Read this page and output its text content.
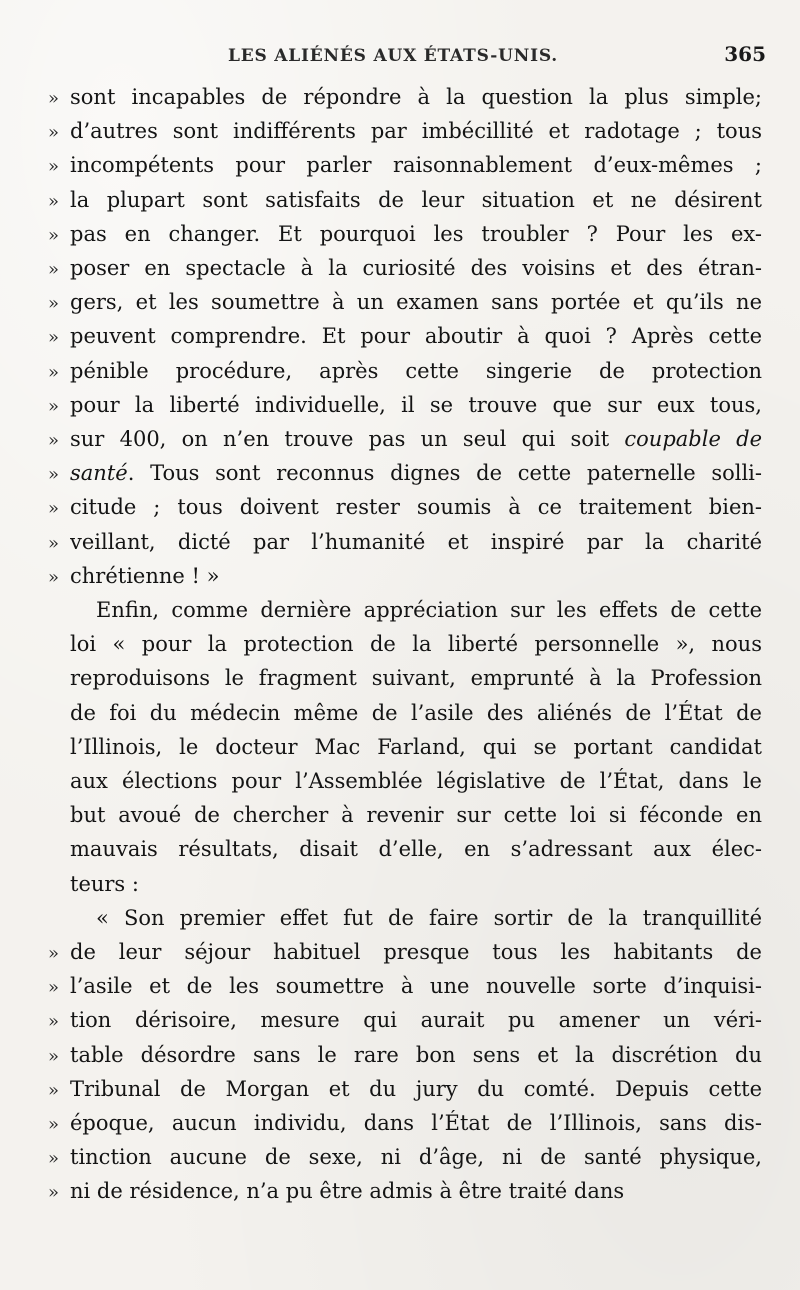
LES ALIÉNÉS AUX ÉTATS-UNIS.	365
» sont incapables de répondre à la question la plus simple;
» d’autres sont indifférents par imbécillité et radotage ; tous
» incompétents pour parler raisonnablement d’eux-mêmes ;
» la plupart sont satisfaits de leur situation et ne désirent
» pas en changer. Et pourquoi les troubler ? Pour les ex-
» poser en spectacle à la curiosité des voisins et des étran-
» gers, et les soumettre à un examen sans portée et qu’ils ne
» peuvent comprendre. Et pour aboutir à quoi ? Après cette
» pénible procédure, après cette singerie de protection
» pour la liberté individuelle, il se trouve que sur eux tous,
» sur 400, on n’en trouve pas un seul qui soit coupable de
» santé. Tous sont reconnus dignes de cette paternelle solli-
» citude ; tous doivent rester soumis à ce traitement bien-
» veillant, dicté par l’humanité et inspiré par la charité
» chrétienne ! »
Enfin, comme dernière appréciation sur les effets de cette
loi « pour la protection de la liberté personnelle », nous
reproduisons le fragment suivant, emprunté à la Profession
de foi du médecin même de l’asile des aliénés de l’État de
l’Illinois, le docteur Mac Farland, qui se portant candidat
aux élections pour l’Assemblée législative de l’État, dans le
but avoué de chercher à revenir sur cette loi si féconde en
mauvais résultats, disait d’elle, en s’adressant aux élec-
teurs :
« Son premier effet fut de faire sortir de la tranquillité
» de leur séjour habituel presque tous les habitants de
» l’asile et de les soumettre à une nouvelle sorte d’inquisi-
» tion dérisoire, mesure qui aurait pu amener un véri-
» table désordre sans le rare bon sens et la discrétion du
» Tribunal de Morgan et du jury du comté. Depuis cette
» époque, aucun individu, dans l’État de l’Illinois, sans dis-
» tinction aucune de sexe, ni d’âge, ni de santé physique,
» ni de résidence, n’a pu être admis à être traité dans
